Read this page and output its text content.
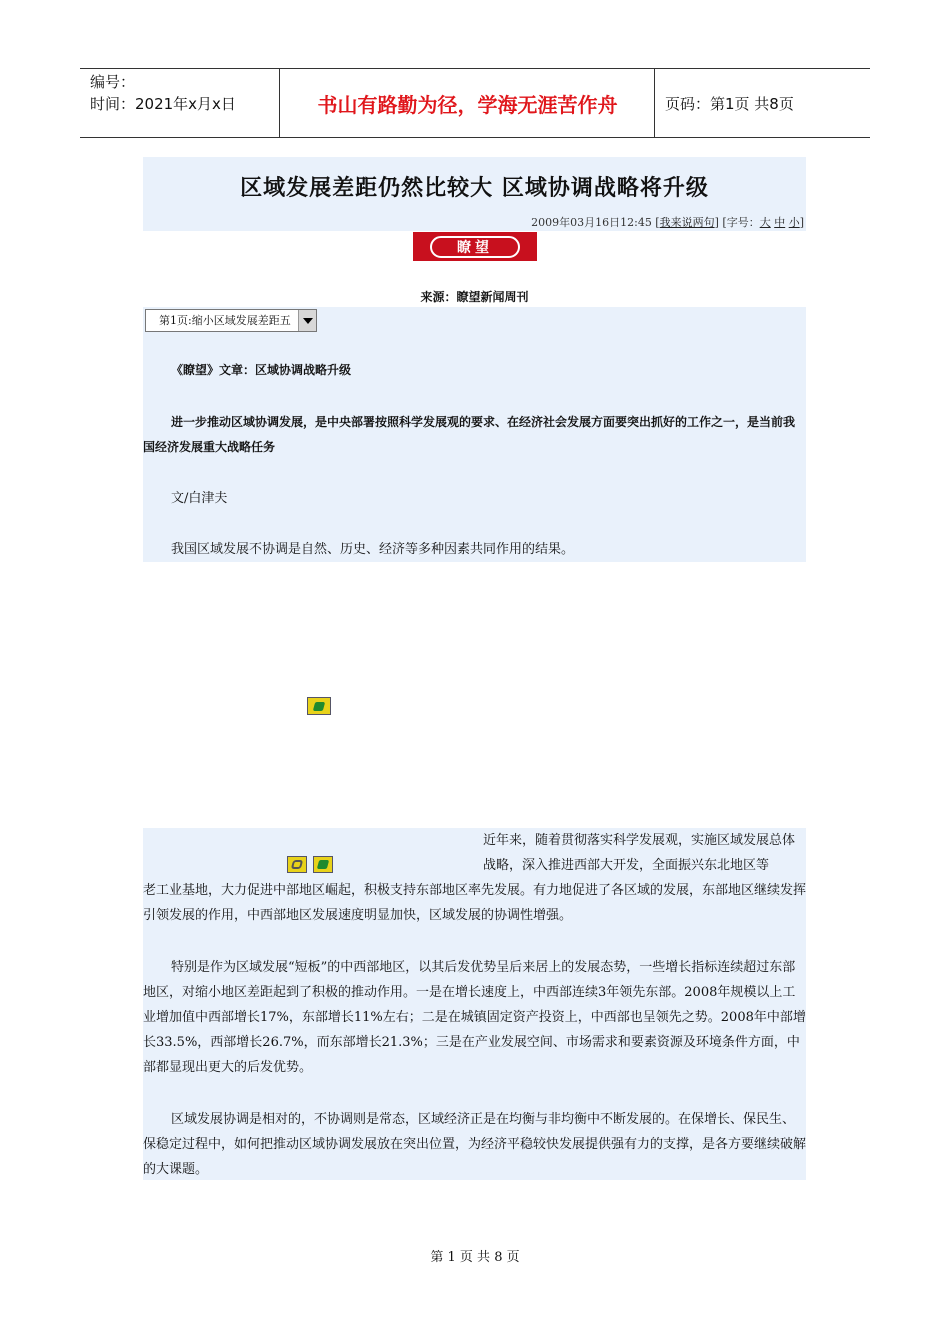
编号：
时间：2021年x月x日	书山有路勤为径，学海无涯苦作舟	页码：第1页 共8页
区域发展差距仍然比较大 区域协调战略将升级
2009年03月16日12:45 [我来说两句] [字号：大 中 小]
瞭望
来源：瞭望新闻周刊
第1页:缩小区域发展差距五
《瞭望》文章：区域协调战略升级
进一步推动区域协调发展，是中央部署按照科学发展观的要求、在经济社会发展方面要突出抓好的工作之一，是当前我国经济发展重大战略任务
文/白津夫
我国区域发展不协调是自然、历史、经济等多种因素共同作用的结果。
近年来，随着贯彻落实科学发展观，实施区域发展总体战略，深入推进西部大开发，全面振兴东北地区等
老工业基地，大力促进中部地区崛起，积极支持东部地区率先发展。有力地促进了各区域的发展，东部地区继续发挥引领发展的作用，中西部地区发展速度明显加快，区域发展的协调性增强。
特别是作为区域发展“短板”的中西部地区，以其后发优势呈后来居上的发展态势，一些增长指标连续超过东部地区，对缩小地区差距起到了积极的推动作用。一是在增长速度上，中西部连续3年领先东部。2008年规模以上工业增加值中西部增长17%，东部增长11%左右；二是在城镇固定资产投资上，中西部也呈领先之势。2008年中部增长33.5%，西部增长26.7%，而东部增长21.3%；三是在产业发展空间、市场需求和要素资源及环境条件方面，中部都显现出更大的后发优势。
区域发展协调是相对的，不协调则是常态，区域经济正是在均衡与非均衡中不断发展的。在保增长、保民生、保稳定过程中，如何把推动区域协调发展放在突出位置，为经济平稳较快发展提供强有力的支撑，是各方要继续破解的大课题。
第 1 页 共 8 页
